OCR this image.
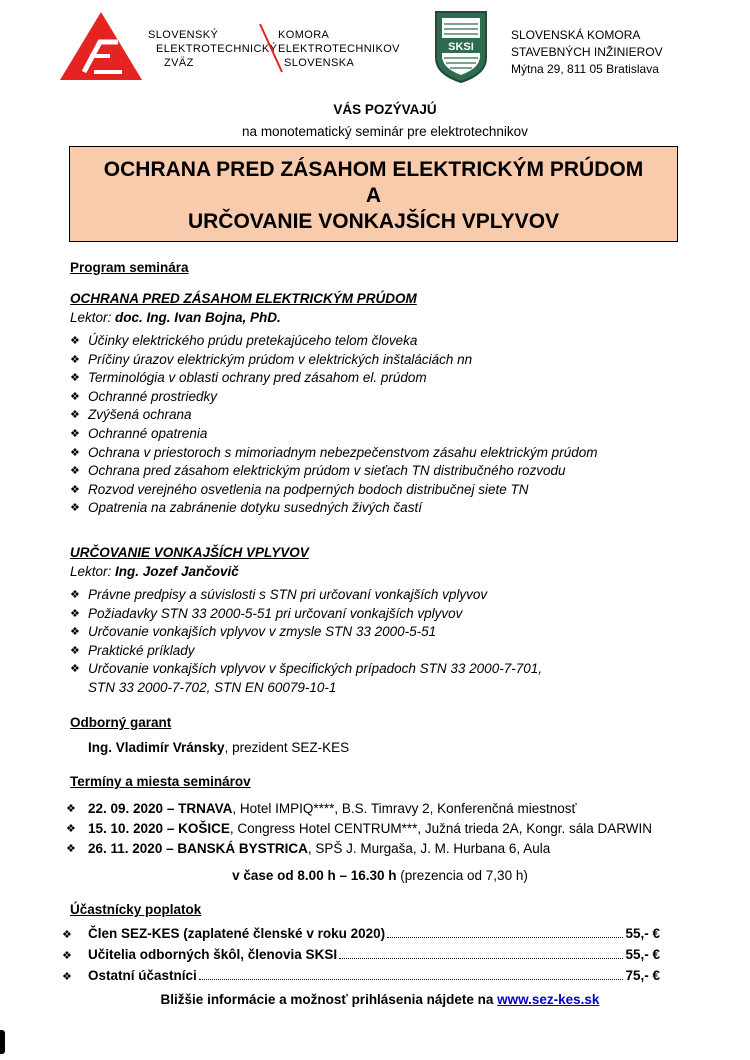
SLOVENSKÝ
ELEKTROTECHNICKÝ
ZVÄZ
KOMORA
ELEKTROTECHNIKOV
SLOVENSKA
SKSI
SLOVENSKÁ KOMORA
STAVEBNÝCH INŽINIEROV
Mýtna 29, 811 05 Bratislava
VÁS POZÝVAJÚ
na monotematický seminár pre elektrotechnikov
OCHRANA PRED ZÁSAHOM ELEKTRICKÝM PRÚDOM
A
URČOVANIE VONKAJŠÍCH VPLYVOV
Program seminára
OCHRANA PRED ZÁSAHOM ELEKTRICKÝM PRÚDOM
Lektor: doc. Ing. Ivan Bojna, PhD.
❖ Účinky elektrického prúdu pretekajúceho telom človeka
❖ Príčiny úrazov elektrickým prúdom v elektrických inštaláciách nn
❖ Terminológia v oblasti ochrany pred zásahom el. prúdom
❖ Ochranné prostriedky
❖ Zvýšená ochrana
❖ Ochranné opatrenia
❖ Ochrana v priestoroch s mimoriadnym nebezpečenstvom zásahu elektrickým prúdom
❖ Ochrana pred zásahom elektrickým prúdom v sieťach TN distribučného rozvodu
❖ Rozvod verejného osvetlenia na podperných bodoch distribučnej siete TN
❖ Opatrenia na zabránenie dotyku susedných živých častí
URČOVANIE VONKAJŠÍCH VPLYVOV
Lektor: Ing. Jozef Jančovič
❖ Právne predpisy a súvislosti s STN pri určovaní vonkajších vplyvov
❖ Požiadavky STN 33 2000-5-51 pri určovaní vonkajších vplyvov
❖ Určovanie vonkajších vplyvov v zmysle STN 33 2000-5-51
❖ Praktické príklady
❖ Určovanie vonkajších vplyvov v špecifických prípadoch STN 33 2000-7-701,
STN 33 2000-7-702, STN EN 60079-10-1
Odborný garant
Ing. Vladimír Vránsky, prezident SEZ-KES
Termíny a miesta seminárov
❖ 22. 09. 2020 – TRNAVA, Hotel IMPIQ****, B.S. Timravy 2, Konferenčná miestnosť
❖ 15. 10. 2020 – KOŠICE, Congress Hotel CENTRUM***, Južná trieda 2A, Kongr. sála DARWIN
❖ 26. 11. 2020 – BANSKÁ BYSTRICA, SPŠ J. Murgaša, J. M. Hurbana 6, Aula
v čase od 8.00 h – 16.30 h (prezencia od 7,30 h)
Účastnícky poplatok
❖	Člen SEZ-KES (zaplatené členské v roku 2020)	55,- €
❖	Učitelia odborných škôl, členovia SKSI	55,- €
❖	Ostatní účastníci	75,- €
Bližšie informácie a možnosť prihlásenia nájdete na www.sez-kes.sk
